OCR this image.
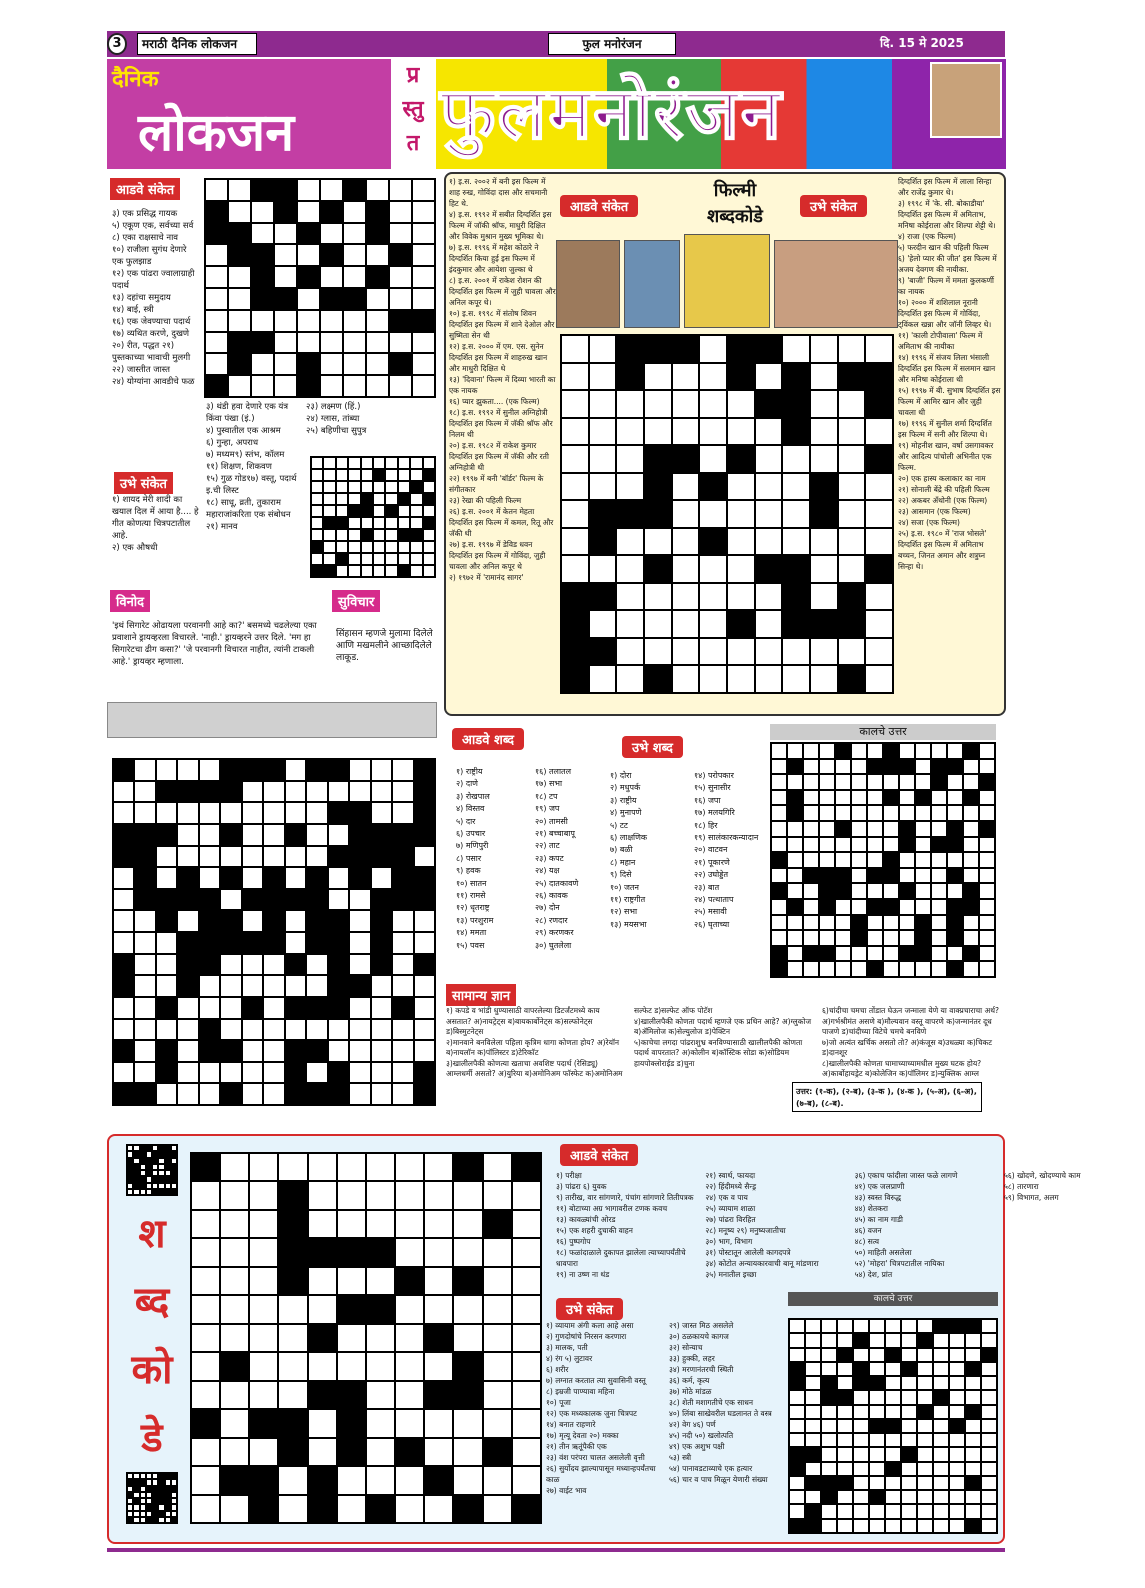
3	मराठी दैनिक लोकजन	फुल मनोरंजन	दि. 15 मे 2025
दैनिक
लोकजन
प्र
स्तु
त फुलमनोरंजन
आडवे संकेत
३) एक प्रसिद्ध गायक
५) एकूण एक, सर्वच्या सर्व
८) एका राक्षसाचे नाव
१०) राजीला सुगंध देणारे एक फुलझाड
१२) एक पांढरा ज्वालाग्राही पदार्थ
१३) दहांचा समुदाय
१४) बाई, स्त्री
१६) एक जेवण्याचा पदार्थ १७) व्यथित करणे, दुखणे २०) रीत, पद्धत २१) पुस्तकाच्या भावाची मुलगी
२२) जास्तीत जास्त
२४) योग्यांना आवडीचे फळ
उभे संकेत
१) शायद मेरी शादी का खयाल दिल में आया है.... हे गीत कोणत्या चित्रपटातील आहे.
२) एक औषधी
३) थंडी हवा देणारे एक यंत्र किंवा पंखा (इं.)
४) पुस्वातील एक आश्रम
६) गुन्हा, अपराध
७) मध्यम९) स्तंभ, कॉलम
११) शिक्षण, शिकवण
१५) गुळ गोड१७) वस्तू, पदार्थ
इ.ची लिस्ट
१८) साधू, व्रती, तुकाराम महाराजांकरिता एक संबोधन
२१) मानव
२३) लक्ष्मण (हिं.)
२४) ग्लास, तांब्या
२५) बहिणीचा सुपुत्र
विनोद
'इथं सिगारेट ओढायला परवानगी आहे का?' बसमध्ये चढलेल्या एका प्रवाशाने ड्रायव्हरला विचारले. 'नाही.' ड्रायव्हरने उत्तर दिले. 'मग हा सिगारेटचा ढीग कसा?' 'जे परवानगी विचारत नाहीत, त्यांनी टाकली आहे.' ड्रायव्हर म्हणाला.
सुविचार
सिंहासन म्हणजे मुलामा दिलेले आणि मखमलीने आच्छादिलेले लाकूड.
१) इ.स. २००२ में बनी इस फिल्म में शाह रुख, गोविंदा दास और सचमानी हिट थे.
४) इ.स. १९९२ में सबीत दिग्दर्शित इस फिल्म में जॉकी श्रॉफ, माधुरी दिक्षित और विवेक मुश्रान मुख्य भूमिका थे।
७) इ.स. १९९६ में महेश कोठारे ने दिग्दर्शित किया हुई इस फिल्म में इंदकुमार और आयेशा जुल्का थे
८) इ.स. २००१ में राकेश रोशन की दिग्दर्शित इस फिल्म में जुही चावला और अनिल कपूर थे।
१०) इ.स. १९९८ में संतोष शिवन दिग्दर्शित इस फिल्म में शाने देओल और सुष्मिता सेन थी
१२) इ.स. २००० में एम. एस. सुनेन दिग्दर्शित इस फिल्म में शाहरुख खान और माधुरी दिक्षित थे
१३) 'दिवाना' फिल्म में दिव्या भारती का एक नायक
१६) प्यार झुकता.... (एक फिल्म)
१८) इ.स. १९९२ में सुनील अग्निहोत्री दिग्दर्शित इस फिल्म में जॅकी श्रॉफ और निलम थी
२०) इ.स. १९८२ में राकेश कुमार दिग्दर्शित इस फिल्म में जॅकी और रती अग्निहोत्री थी
२२) १९९७ में बनी 'बॉर्डर' फिल्म के संगीतकार
२३) रेखा की पहिली फिल्म
२६) इ.स. २००१ में केतन मेहता दिग्दर्शित इस फिल्म में कमल, रितू और जॅकी थी
२७) इ.स. १९९७ में डेविड धवन दिग्दर्शित इस फिल्म में गोविंदा, जुही चावला और अनिल कपूर थे
२) १९७२ में 'रामानंद सागर'
दिग्दर्शित इस फिल्म में लाला सिन्हा और राजेंद्र कुमार थे।
३) १९९८ में 'के. सी. बोकाडीया' दिग्दर्शित इस फिल्म में अमिताभ, मनिषा कोईराला और शिल्पा शेट्टी थे।
४) राजा (एक फिल्म)
५) फरदीन खान की पहिली फिल्म
६) 'हेलो प्यार की जीत' इस फिल्म में अजय देवगण की नायीका.
९) 'बाजी' फिल्म में ममता कुलकर्णी का नायक
१०) २००० में शशिलाल नूरानी दिग्दर्शित इस फिल्म में गोविंदा, ट्विंकल खन्ना और जॉनी लिव्हर थे।
११) 'काली टोपीवाला' फिल्म में अमिताभ की नायीका
१४) १९९६ में संजय लिला भंसाली दिग्दर्शित इस फिल्म में सलमान खान और मनिषा कोईराला थी
१५) १९९७ में बी. सुभाष दिग्दर्शित इस फिल्म में आमिर खान और जुही चावला थी
१७) १९९६ में सुनील शर्मा दिग्दर्शित इस फिल्म में सनी और शिल्पा थे।
१९) मोहनीश खान, वर्षा उसगावकर और आदित्य पांचोली अभिनीत एक फिल्म.
२०) एक हास्य कलाकार का नाम
२१) सोनाली बेंद्रे की पहिली फिल्म
२२) अकबर अँथोनी (एक फिल्म)
२३) आसमान (एक फिल्म)
२४) सजा (एक फिल्म)
२५) इ.स. १९८० में 'राज भोसले' दिग्दर्शित इस फिल्म में अमिताभ बच्चन, जिनत अमान और शत्रुघ्न सिन्हा थे।
आडवे संकेत	उभे संकेत
फिल्मी शब्दकोडे
आडवे शब्द
उभे शब्द
१) राष्ट्रीय
२) दाणे
३) रोखपाल
४) विस्तव
५) दार
६) उपचार
७) मणिपुरी
८) पसार
९) हवक
१०) सातन
११) रामसे
१२) धृतराष्ट्र
१३) परशुराम
१४) ममता
१५) पवस
१६) तलातल
१७) सभा
१८) टप
१९) जप
२०) तामसी
२१) बच्चाबापू
२२) ताट
२३) कपट
२४) यक्ष
२५) दातकावणे
२६) कावक
२७) दोन
२८) रणदार
२९) करणकर
३०) घुतलेला
१) दोरा
२) मधुपर्क
३) राष्ट्रीय
४) मुनापणे
५) टट
६) लाक्षणिक
७) बळी
८) महान
९) दिसे
१०) जतन
११) राष्ट्रगीत
१२) सभा
१३) मयसभा
१४) परोपकार
१५) सुनासीर
१६) जपा
१७) मलयगिरि
१८) हिर
१९) सालंकारकन्यादान
२०) वाटवन
२१) पूकारणे
२२) उघोड्डेत
२३) बात
२४) पत्थाताप
२५) मसावी
२६) घृताच्या
कालचे उत्तर
सामान्य ज्ञान
१) कपडे व भांडी धुण्यासाठी वापरलेल्या डिटर्जंटमध्ये काय असतात? अ)नायट्रेट्स ब)बायकार्बोनेट्स क)सल्फोनेट्स ड)बिस्मुटनेट्स
२)मानवाने बनविलेला पहिला कृत्रिम धागा कोणता होय? अ)रेयॉन ब)नायलॉन क)पॉलिस्टर ड)टेरिकॉट
३)खालीलपैकी कोणत्या खताचा अवशिष्ट पदार्थ (रेसिड्यू) आम्लधर्मी असतो? अ)युरिया ब)अमोनिअम फॉस्फेट क)अमोनिअम सल्फेट ड)सल्फेट ऑफ पोटॅश
४)खालीलपैकी कोणता पदार्थ म्हणजे एक प्रथिन आहे? अ)ग्लुकोज ब)ॲमिलोज क)सेल्युलोज ड)पेक्टिन
५)काचेचा लगदा पांढराशुभ्र बनविण्यासाठी खालीलपैकी कोणता पदार्थ वापरतात? अ)कोलीन ब)कॉस्टिक सोडा क)सोडियम हायपोक्लोराईड ड)चुना
६)चांदीचा चमचा तोंडात घेऊन जन्माला येणे या वाक्प्रचाराचा अर्थ? अ)गर्भश्रीमंत असणे ब)मौल्यवान वस्तू वापरणे क)जन्मानंतर दूध पाजणे ड)चांदीच्या विटेचे चमचे बनविणे
७)जो अत्यंत खर्चिक असतो तो? अ)कंजूस ब)उधळ्या क)चिकट ड)दानशूर
८)खालीलपैकी कोणता घामाच्याच्यामधील मुख्य घटक होय? अ)कार्बोहायड्रेट ब)कोलेजिन क)पॉलिमर ड)न्युक्लिक आम्ल
उत्तर: (१-क), (२-ब), (३-क ), (४-क ), (५-अ), (६-अ), (७-ब), (८-ब).
श
ब्द
को
डे
आडवे संकेत
१) परीक्षा
३) पांढरा ६) युवक
९) तारीख, वार सांगणारे, पंचांग सांगणारे तितीपत्रक
११) बोटाच्या अग्र भागावरील टणक कवच
१३) कावळ्यांची ओरड
१५) एक शहरी दुचाकी वाहन
१६) पुष्पगोप
१८) फळांदाळाले दुकापत झालेला त्याच्यापर्यंतीचे धावपारा
१९) ना उष्ण ना थंड
२१) स्वार्थ, फायदा
२२) हिंदीमध्ये सैन्ड्र
२४) एक व पाय
२५) व्यायाम शाळा
२७) पांढरा विरहित
२८) मनूष्य २९) मनुष्यजातीचा
३०) भाग, विभाग
३१) पोस्टातून आलेली कागदपत्रे
३४) कोटोत अन्यायकारवाची बानू मांडणारा
३५) मनातील इच्छा
३६) एकाच फांदीला जास्त फळे लागणे
४१) एक जलप्राणी
४३) स्वस्त विरुद्ध
४४) शेतकरा
४५) का नाम गाडी
४६) वजन
४८) सत्व
५०) माहिती असलेला
५२) 'मोहरा' चित्रपटातील नायिका
५४) देश, प्रांत
५६) खोदणे, खोदण्याचे काम
५८) तारणारा
५९) विभागत, अलग
उभे संकेत
१) व्यायाम अंगी कला आहे असा
२) गुणदोषांचे निरसन करणारा
३) मालक, पती
४) रंग ५) लुटावर
६) शरीर
७) लग्नात करतात त्या सुवासिनी वस्तू
८) इम्रजी पाण्यावा महिना
१०) पूजा
१२) एक मध्यकालक जुना चित्रपट
१४) बनात राहणारे
१७) मृत्यू देवता २०) मक्का
२१) तीन ऋतूंपैकी एक
२३) वंश परंपरा चालत असलेली वृत्ती
२६) सुर्योदय झाल्यापासून मध्यान्हपर्यंतचा काळ
२७) वाईट भाव
२९) जास्त मिठ असलेले
३०) ठळकायचे कागज
३२) सोन्याच
३३) हुक्की, लहर
३४) मरणानंतरची स्थिती
३६) कर्म, कृत्य
३७) मोठे मांडळ
३८) शेती मशागतीचे एक साधन
४०) लिंबा साखेवरील घडलानत ते वस्त्र
४२) वेग ४६) पर्ण
४५) नदी ५०) खलोत्पति
४९) एक अशुभ पक्षी
५३) स्त्री
५४) पानावडटाव्याचे एक हत्यार
५६) चार व पाच मिळून येणारी संख्या
कालचे उत्तर
